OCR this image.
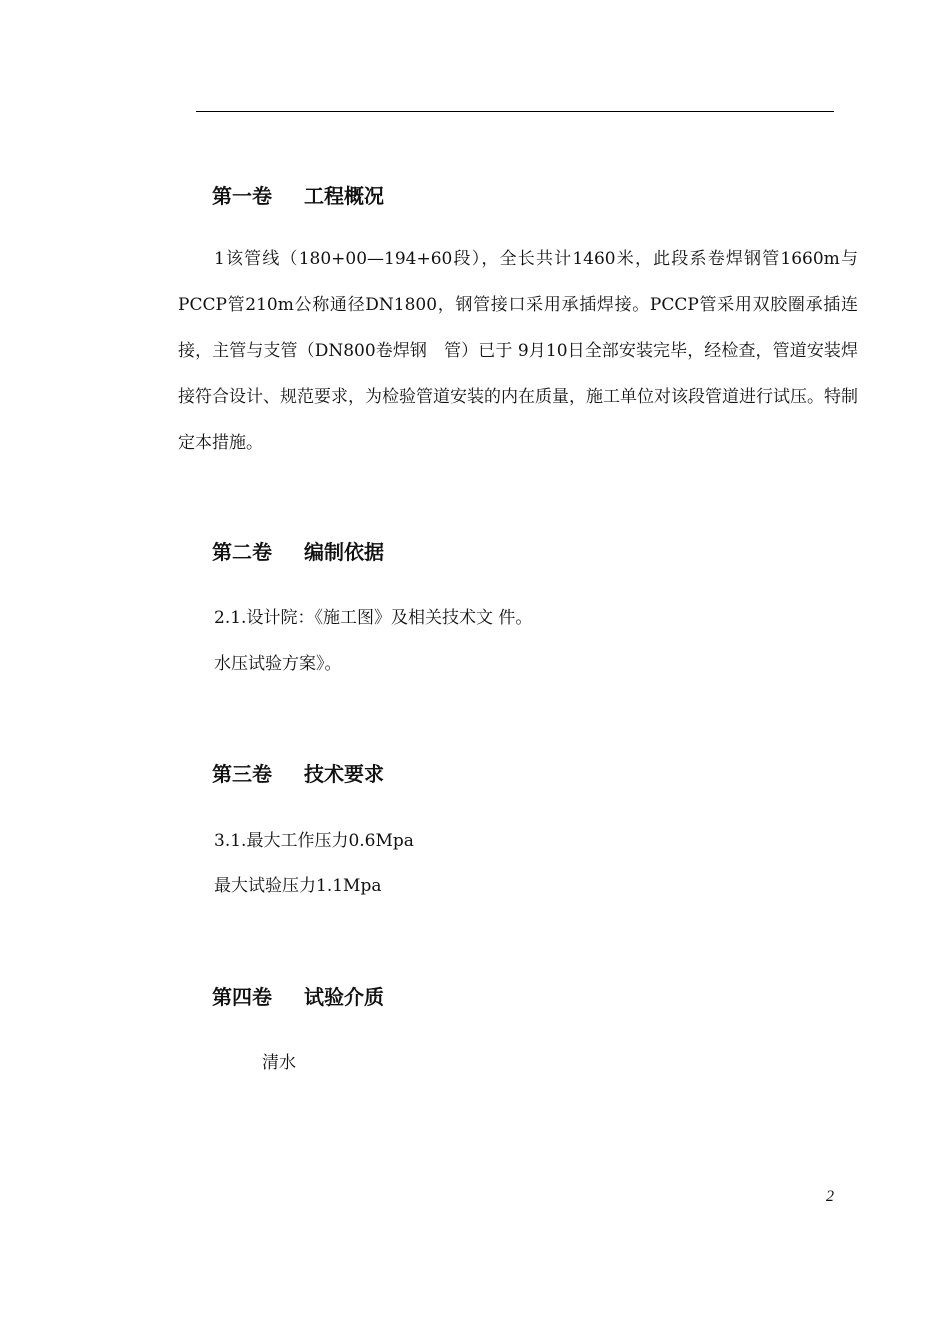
第一卷 工程概况
1该管线（180+00—194+60段），全长共计1460米，此段系卷焊钢管1660m与PCCP管210m公称通径DN1800，钢管接口采用承插焊接。PCCP管采用双胶圈承插连接，主管与支管（DN800卷焊钢　管）已于 9月10日全部安装完毕，经检查，管道安装焊接符合设计、规范要求，为检验管道安装的内在质量，施工单位对该段管道进行试压。特制定本措施。
第二卷 编制依据
2.1.设计院：《施工图》及相关技术文 件。
水压试验方案》。
第三卷 技术要求
3.1.最大工作压力0.6Mpa
最大试验压力1.1Mpa
第四卷 试验介质
清水
2
